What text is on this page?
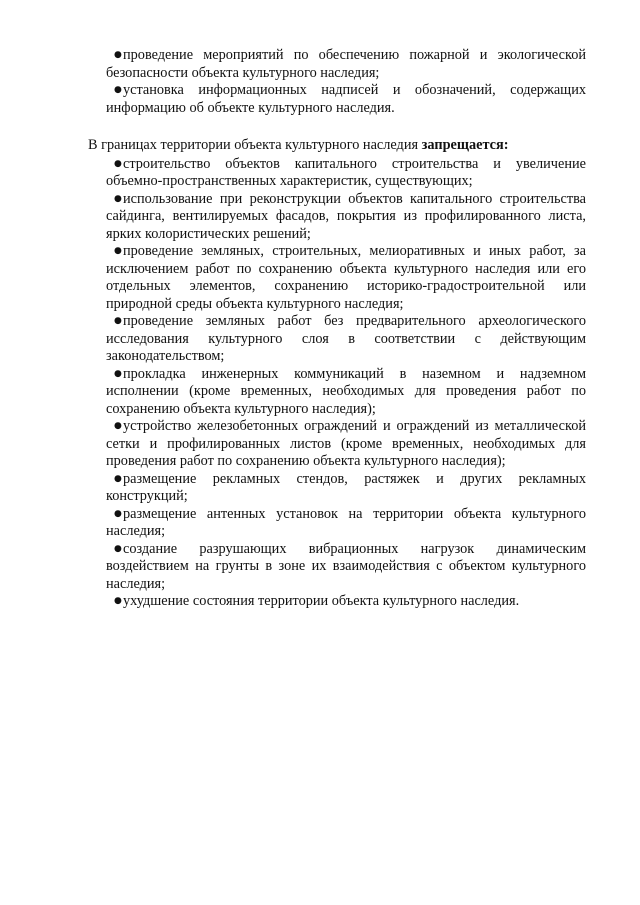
●проведение мероприятий по обеспечению пожарной и экологической безопасности объекта культурного наследия;

●установка информационных надписей и обозначений, содержащих информацию об объекте культурного наследия.

В границах территории объекта культурного наследия запрещается:

●строительство объектов капитального строительства и увеличение объемно-пространственных характеристик, существующих;

●использование при реконструкции объектов капитального строительства сайдинга, вентилируемых фасадов, покрытия из профилированного листа, ярких колористических решений;

●проведение земляных, строительных, мелиоративных и иных работ, за исключением работ по сохранению объекта культурного наследия или его отдельных элементов, сохранению историко-градостроительной или природной среды объекта культурного наследия;

●проведение земляных работ без предварительного археологического исследования культурного слоя в соответствии с действующим законодательством;

●прокладка инженерных коммуникаций в наземном и надземном исполнении (кроме временных, необходимых для проведения работ по сохранению объекта культурного наследия);

●устройство железобетонных ограждений и ограждений из металлической сетки и профилированных листов (кроме временных, необходимых для проведения работ по сохранению объекта культурного наследия);

●размещение рекламных стендов, растяжек и других рекламных конструкций;

●размещение антенных установок на территории объекта культурного наследия;

●создание разрушающих вибрационных нагрузок динамическим воздействием на грунты в зоне их взаимодействия с объектом культурного наследия;

●ухудшение состояния территории объекта культурного наследия.
